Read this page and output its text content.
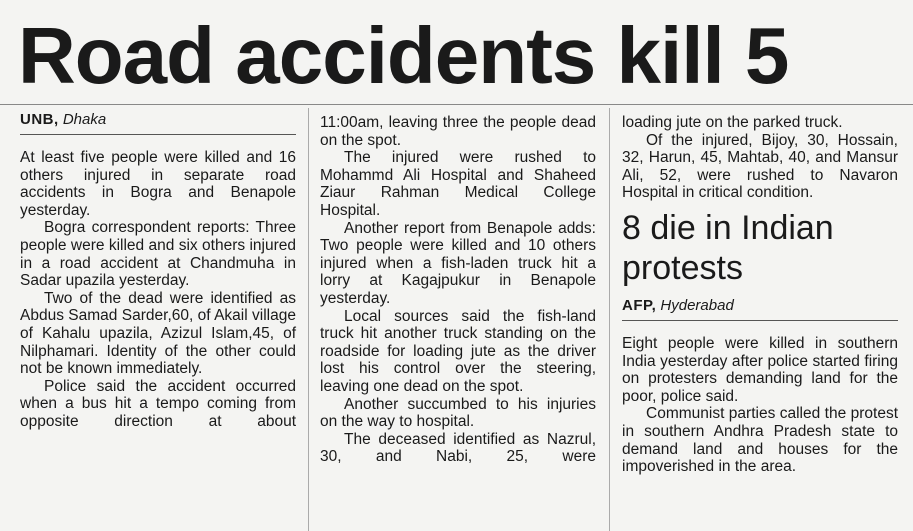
Road accidents kill 5

UNB, Dhaka

At least five people were killed and 16 others injured in separate road accidents in Bogra and Benapole yesterday.

Bogra correspondent reports: Three people were killed and six others injured in a road accident at Chandmuha in Sadar upazila yesterday.

Two of the dead were identified as Abdus Samad Sarder,60, of Akail village of Kahalu upazila, Azizul Islam,45, of Nilphamari. Identity of the other could not be known immediately.

Police said the accident occurred when a bus hit a tempo coming from opposite direction at about

11:00am, leaving three the people dead on the spot.

The injured were rushed to Mohammd Ali Hospital and Shaheed Ziaur Rahman Medical College Hospital.

Another report from Benapole adds: Two people were killed and 10 others injured when a fish-laden truck hit a lorry at Kagajpukur in Benapole yesterday.

Local sources said the fish-land truck hit another truck standing on the roadside for loading jute as the driver lost his control over the steering, leaving one dead on the spot.

Another succumbed to his injuries on the way to hospital.

The deceased identified as Nazrul, 30, and Nabi, 25, were

loading jute on the parked truck.

Of the injured, Bijoy, 30, Hossain, 32, Harun, 45, Mahtab, 40, and Mansur Ali, 52, were rushed to Navaron Hospital in critical condition.

8 die in Indian protests

AFP, Hyderabad

Eight people were killed in southern India yesterday after police started firing on protesters demanding land for the poor, police said.

Communist parties called the protest in southern Andhra Pradesh state to demand land and houses for the impoverished in the area.
